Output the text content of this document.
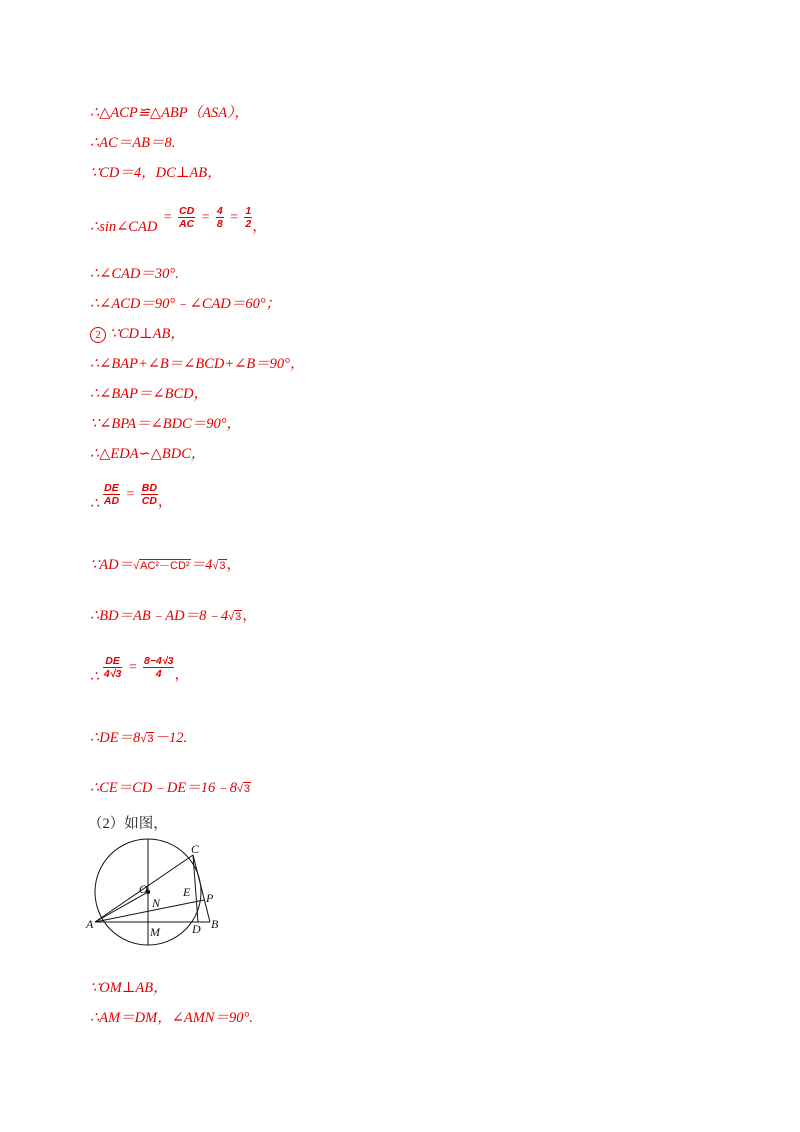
∴△ACP≌△ABP（ASA），
∴AC＝AB＝8.
∵CD＝4，DC⊥AB，
∴sin∠CAD = $\frac{CD}{AC} = \frac{4}{8} = \frac{1}{2}$ ，
∴∠CAD＝30°.
∴∠ACD＝90°﹣∠CAD＝60°；
2 ∵CD⊥AB，
∴∠BAP+∠B＝∠BCD+∠B＝90°，
∴∠BAP＝∠BCD，
∵∠BPA＝∠BDC＝90°，
∴△EDA∽△BDC，
∴ $\frac{DE}{AD} = \frac{BD}{CD}$ ，
∵AD＝√AC²－CD²＝4√3，
∴BD＝AB﹣AD＝8﹣4√3，
∴ $\frac{DE}{4√3} = \frac{8-4√3}{4}$ ，
∴DE＝8√3－12.
∴CE＝CD﹣DE＝16﹣8√3
（2）如图，
A	B
C
D
E
M
N
O
P
∵OM⊥AB，
∴AM＝DM，∠AMN＝90°.
